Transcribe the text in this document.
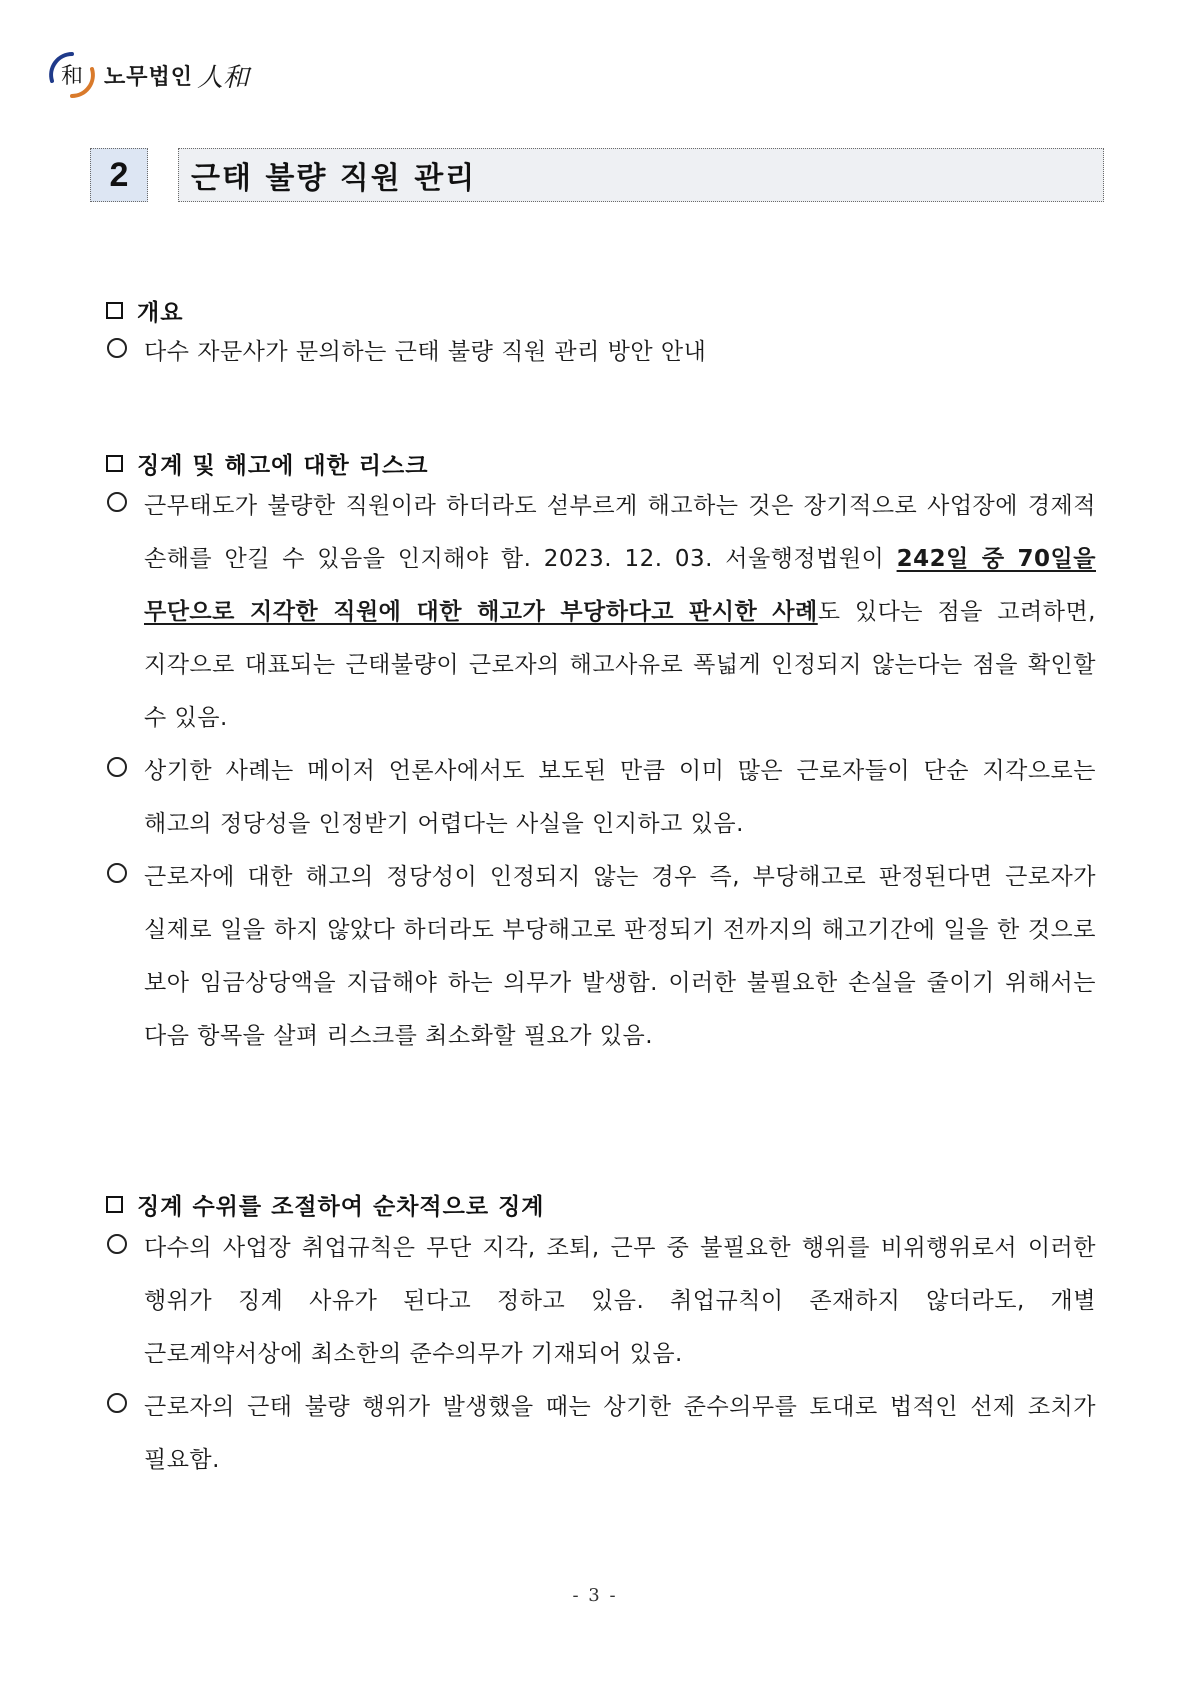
和 노무법인 人和
2	근태 불량 직원 관리
개요
다수 자문사가 문의하는 근태 불량 직원 관리 방안 안내
징계 및 해고에 대한 리스크
근무태도가 불량한 직원이라 하더라도 섣부르게 해고하는 것은 장기적으로 사업장에 경제적 손해를 안길 수 있음을 인지해야 함. 2023. 12. 03. 서울행정법원이 242일 중 70일을 무단으로 지각한 직원에 대한 해고가 부당하다고 판시한 사례도 있다는 점을 고려하면, 지각으로 대표되는 근태불량이 근로자의 해고사유로 폭넓게 인정되지 않는다는 점을 확인할 수 있음.
상기한 사례는 메이저 언론사에서도 보도된 만큼 이미 많은 근로자들이 단순 지각으로는 해고의 정당성을 인정받기 어렵다는 사실을 인지하고 있음.
근로자에 대한 해고의 정당성이 인정되지 않는 경우 즉, 부당해고로 판정된다면 근로자가 실제로 일을 하지 않았다 하더라도 부당해고로 판정되기 전까지의 해고기간에 일을 한 것으로 보아 임금상당액을 지급해야 하는 의무가 발생함. 이러한 불필요한 손실을 줄이기 위해서는 다음 항목을 살펴 리스크를 최소화할 필요가 있음.
징계 수위를 조절하여 순차적으로 징계
다수의 사업장 취업규칙은 무단 지각, 조퇴, 근무 중 불필요한 행위를 비위행위로서 이러한 행위가 징계 사유가 된다고 정하고 있음. 취업규칙이 존재하지 않더라도, 개별 근로계약서상에 최소한의 준수의무가 기재되어 있음.
근로자의 근태 불량 행위가 발생했을 때는 상기한 준수의무를 토대로 법적인 선제 조치가 필요함.
- 3 -
